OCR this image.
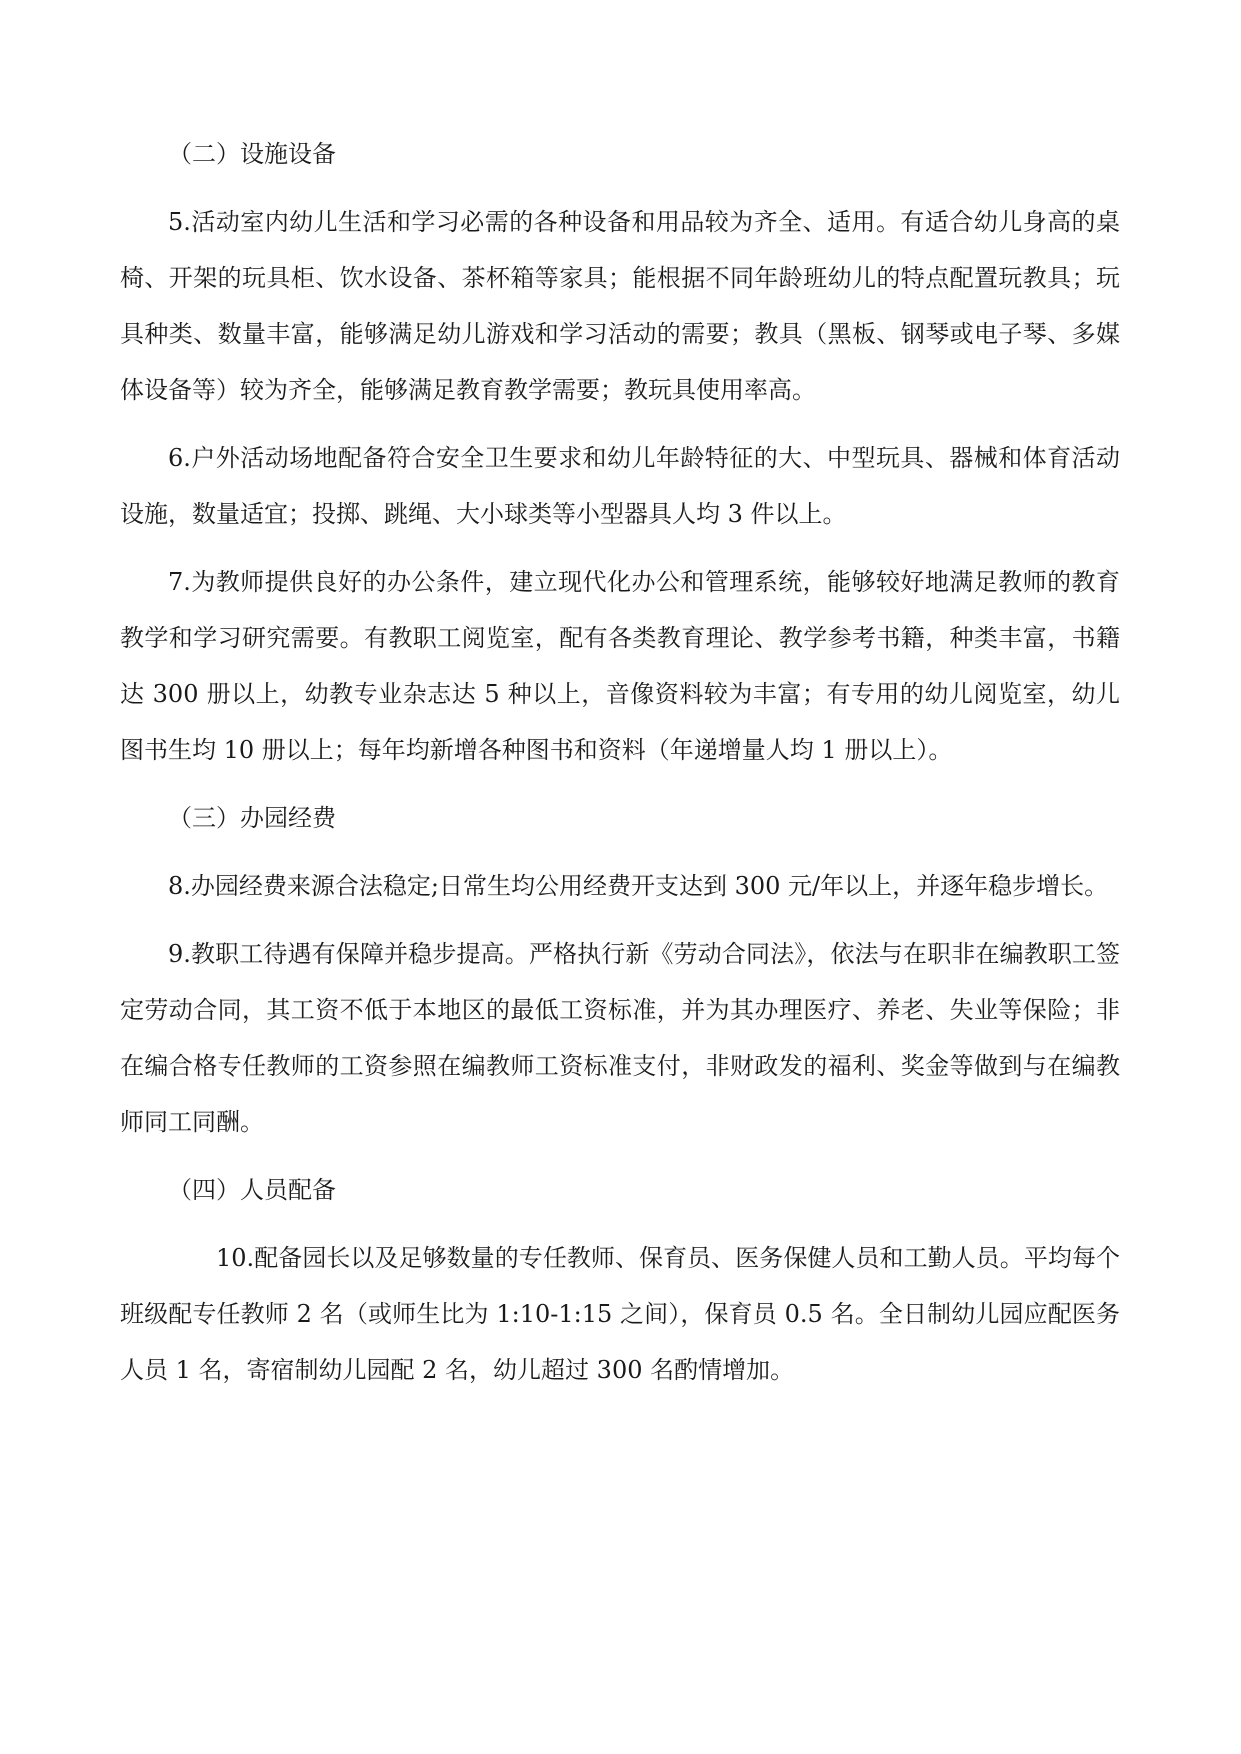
（二）设施设备

5.活动室内幼儿生活和学习必需的各种设备和用品较为齐全、适用。有适合幼儿身高的桌椅、开架的玩具柜、饮水设备、茶杯箱等家具；能根据不同年龄班幼儿的特点配置玩教具；玩具种类、数量丰富，能够满足幼儿游戏和学习活动的需要；教具（黑板、钢琴或电子琴、多媒体设备等）较为齐全，能够满足教育教学需要；教玩具使用率高。

6.户外活动场地配备符合安全卫生要求和幼儿年龄特征的大、中型玩具、器械和体育活动设施，数量适宜；投掷、跳绳、大小球类等小型器具人均 3 件以上。

7.为教师提供良好的办公条件，建立现代化办公和管理系统，能够较好地满足教师的教育教学和学习研究需要。有教职工阅览室，配有各类教育理论、教学参考书籍，种类丰富，书籍达 300 册以上，幼教专业杂志达 5 种以上，音像资料较为丰富；有专用的幼儿阅览室，幼儿图书生均 10 册以上；每年均新增各种图书和资料（年递增量人均 1 册以上）。

（三）办园经费

8.办园经费来源合法稳定;日常生均公用经费开支达到 300 元/年以上，并逐年稳步增长。

9.教职工待遇有保障并稳步提高。严格执行新《劳动合同法》，依法与在职非在编教职工签定劳动合同，其工资不低于本地区的最低工资标准，并为其办理医疗、养老、失业等保险；非在编合格专任教师的工资参照在编教师工资标准支付，非财政发的福利、奖金等做到与在编教师同工同酬。

（四）人员配备

10.配备园长以及足够数量的专任教师、保育员、医务保健人员和工勤人员。平均每个班级配专任教师 2 名（或师生比为 1:10-1:15 之间），保育员 0.5 名。全日制幼儿园应配医务人员 1 名，寄宿制幼儿园配 2 名，幼儿超过 300 名酌情增加。
